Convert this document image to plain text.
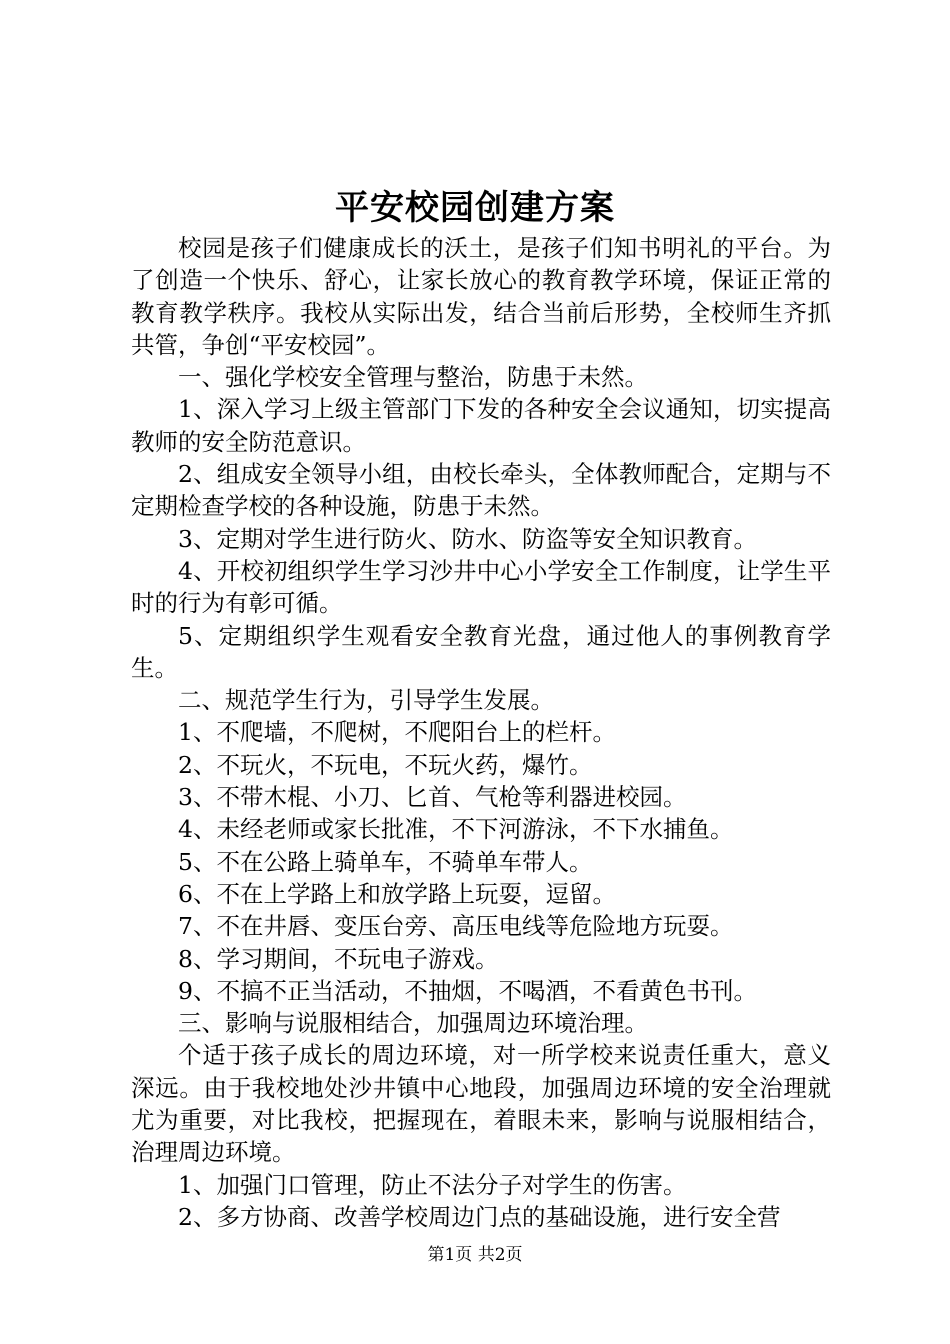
平安校园创建方案

校园是孩子们健康成长的沃土，是孩子们知书明礼的平台。为了创造一个快乐、舒心，让家长放心的教育教学环境，保证正常的教育教学秩序。我校从实际出发，结合当前后形势，全校师生齐抓共管，争创“平安校园”。

一、强化学校安全管理与整治，防患于未然。

1、深入学习上级主管部门下发的各种安全会议通知，切实提高教师的安全防范意识。

2、组成安全领导小组，由校长牵头，全体教师配合，定期与不定期检查学校的各种设施，防患于未然。

3、定期对学生进行防火、防水、防盗等安全知识教育。

4、开校初组织学生学习沙井中心小学安全工作制度，让学生平时的行为有彰可循。

5、定期组织学生观看安全教育光盘，通过他人的事例教育学生。

二、规范学生行为，引导学生发展。

1、不爬墙，不爬树，不爬阳台上的栏杆。

2、不玩火，不玩电，不玩火药，爆竹。

3、不带木棍、小刀、匕首、气枪等利器进校园。

4、未经老师或家长批准，不下河游泳，不下水捕鱼。

5、不在公路上骑单车，不骑单车带人。

6、不在上学路上和放学路上玩耍，逗留。

7、不在井唇、变压台旁、高压电线等危险地方玩耍。

8、学习期间，不玩电子游戏。

9、不搞不正当活动，不抽烟，不喝酒，不看黄色书刊。

三、影响与说服相结合，加强周边环境治理。

个适于孩子成长的周边环境，对一所学校来说责任重大，意义深远。由于我校地处沙井镇中心地段，加强周边环境的安全治理就尤为重要，对比我校，把握现在，着眼未来，影响与说服相结合，治理周边环境。

1、加强门口管理，防止不法分子对学生的伤害。

2、多方协商、改善学校周边门点的基础设施，进行安全营

第1页 共2页
